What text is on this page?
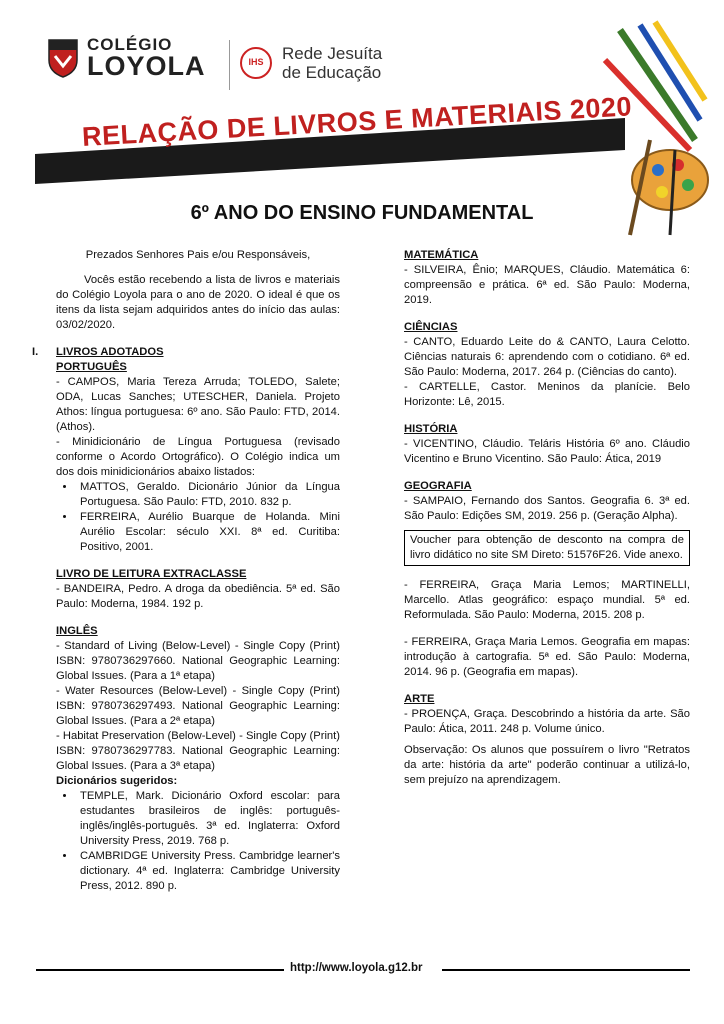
COLÉGIO
LOYOLA
IHS	Rede Jesuíta
de Educação
RELAÇÃO DE LIVROS E MATERIAIS 2020
6º ANO DO ENSINO FUNDAMENTAL

Prezados Senhores Pais e/ou Responsáveis,

Vocês estão recebendo a lista de livros e materiais do Colégio Loyola para o ano de 2020. O ideal é que os itens da lista sejam adquiridos antes do início das aulas: 03/02/2020.

I. LIVROS ADOTADOS

PORTUGUÊS

- CAMPOS, Maria Tereza Arruda; TOLEDO, Salete; ODA, Lucas Sanches; UTESCHER, Daniela. Projeto Athos: língua portuguesa: 6º ano. São Paulo: FTD, 2014. (Athos).

- Minidicionário de Língua Portuguesa (revisado conforme o Acordo Ortográfico). O Colégio indica um dos dois minidicionários abaixo listados:

• MATTOS, Geraldo. Dicionário Júnior da Língua Portuguesa. São Paulo: FTD, 2010. 832 p.
• FERREIRA, Aurélio Buarque de Holanda. Mini Aurélio Escolar: século XXI. 8ª ed. Curitiba: Positivo, 2001.

LIVRO DE LEITURA EXTRACLASSE

- BANDEIRA, Pedro. A droga da obediência. 5ª ed. São Paulo: Moderna, 1984. 192 p.

INGLÊS

- Standard of Living (Below-Level) - Single Copy (Print) ISBN: 9780736297660. National Geographic Learning: Global Issues. (Para a 1ª etapa)

- Water Resources (Below-Level) - Single Copy (Print) ISBN: 9780736297493. National Geographic Learning: Global Issues. (Para a 2ª etapa)

- Habitat Preservation (Below-Level) - Single Copy (Print) ISBN: 9780736297783. National Geographic Learning: Global Issues. (Para a 3ª etapa)

Dicionários sugeridos:

• TEMPLE, Mark. Dicionário Oxford escolar: para estudantes brasileiros de inglês: português-inglês/inglês-português. 3ª ed. Inglaterra: Oxford University Press, 2019. 768 p.
• CAMBRIDGE University Press. Cambridge learner's dictionary. 4ª ed. Inglaterra: Cambridge University Press, 2012. 890 p.

MATEMÁTICA

- SILVEIRA, Ênio; MARQUES, Cláudio. Matemática 6: compreensão e prática. 6ª ed. São Paulo: Moderna, 2019.

CIÊNCIAS

- CANTO, Eduardo Leite do & CANTO, Laura Celotto. Ciências naturais 6: aprendendo com o cotidiano. 6ª ed. São Paulo: Moderna, 2017. 264 p. (Ciências do canto).

- CARTELLE, Castor. Meninos da planície. Belo Horizonte: Lê, 2015.

HISTÓRIA

- VICENTINO, Cláudio. Teláris História 6º ano. Cláudio Vicentino e Bruno Vicentino. São Paulo: Ática, 2019

GEOGRAFIA

- SAMPAIO, Fernando dos Santos. Geografia 6. 3ª ed. São Paulo: Edições SM, 2019. 256 p. (Geração Alpha).

Voucher para obtenção de desconto na compra de livro didático no site SM Direto: 51576F26. Vide anexo.

- FERREIRA, Graça Maria Lemos; MARTINELLI, Marcello. Atlas geográfico: espaço mundial. 5ª ed. Reformulada. São Paulo: Moderna, 2015. 208 p.

- FERREIRA, Graça Maria Lemos. Geografia em mapas: introdução à cartografia. 5ª ed. São Paulo: Moderna, 2014. 96 p. (Geografia em mapas).

ARTE

- PROENÇA, Graça. Descobrindo a história da arte. São Paulo: Ática, 2011. 248 p. Volume único.

Observação: Os alunos que possuírem o livro "Retratos da arte: história da arte" poderão continuar a utilizá-lo, sem prejuízo na aprendizagem.

http://www.loyola.g12.br
